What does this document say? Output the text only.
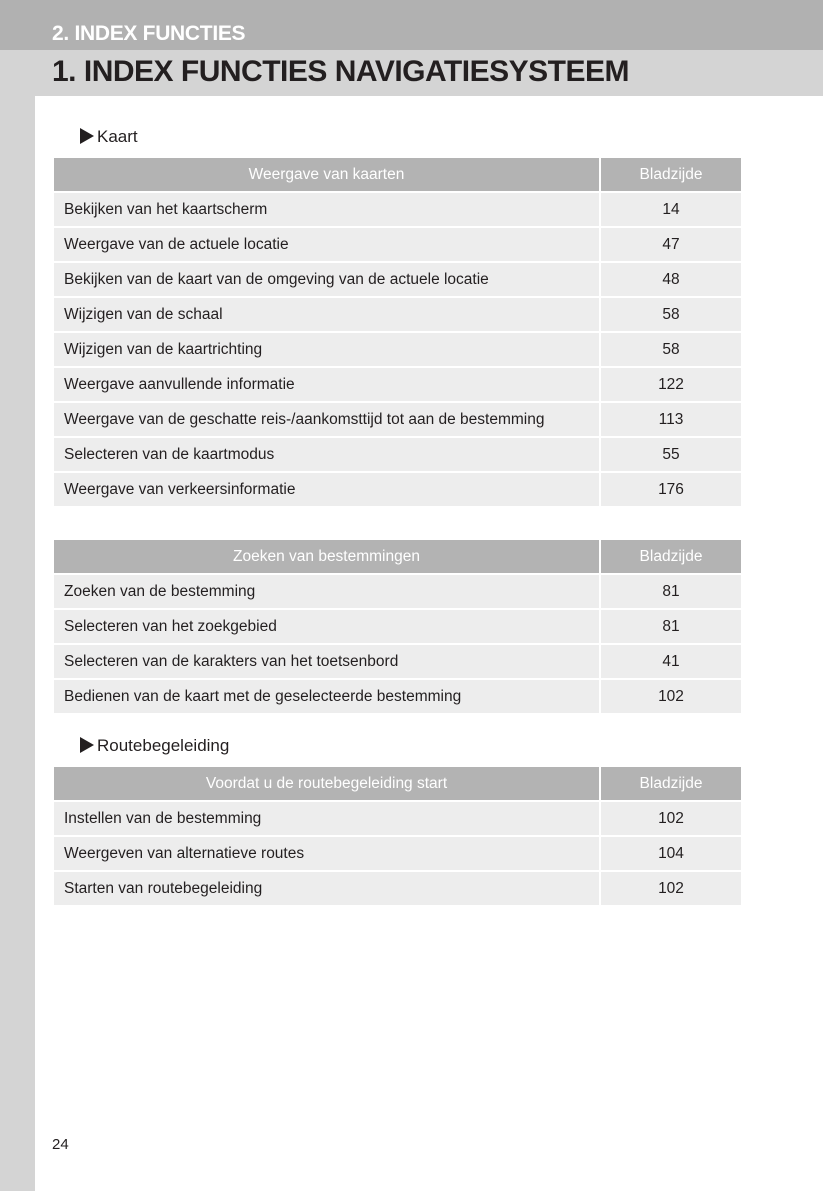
2. INDEX FUNCTIES
1. INDEX FUNCTIES NAVIGATIESYSTEEM
Kaart
Weergave van kaarten	Bladzijde
Bekijken van het kaartscherm	14
Weergave van de actuele locatie	47
Bekijken van de kaart van de omgeving van de actuele locatie	48
Wijzigen van de schaal	58
Wijzigen van de kaartrichting	58
Weergave aanvullende informatie	122
Weergave van de geschatte reis-/aankomsttijd tot aan de bestemming	113
Selecteren van de kaartmodus	55
Weergave van verkeersinformatie	176
Zoeken van bestemmingen	Bladzijde
Zoeken van de bestemming	81
Selecteren van het zoekgebied	81
Selecteren van de karakters van het toetsenbord	41
Bedienen van de kaart met de geselecteerde bestemming	102
Routebegeleiding
Voordat u de routebegeleiding start	Bladzijde
Instellen van de bestemming	102
Weergeven van alternatieve routes	104
Starten van routebegeleiding	102
24
